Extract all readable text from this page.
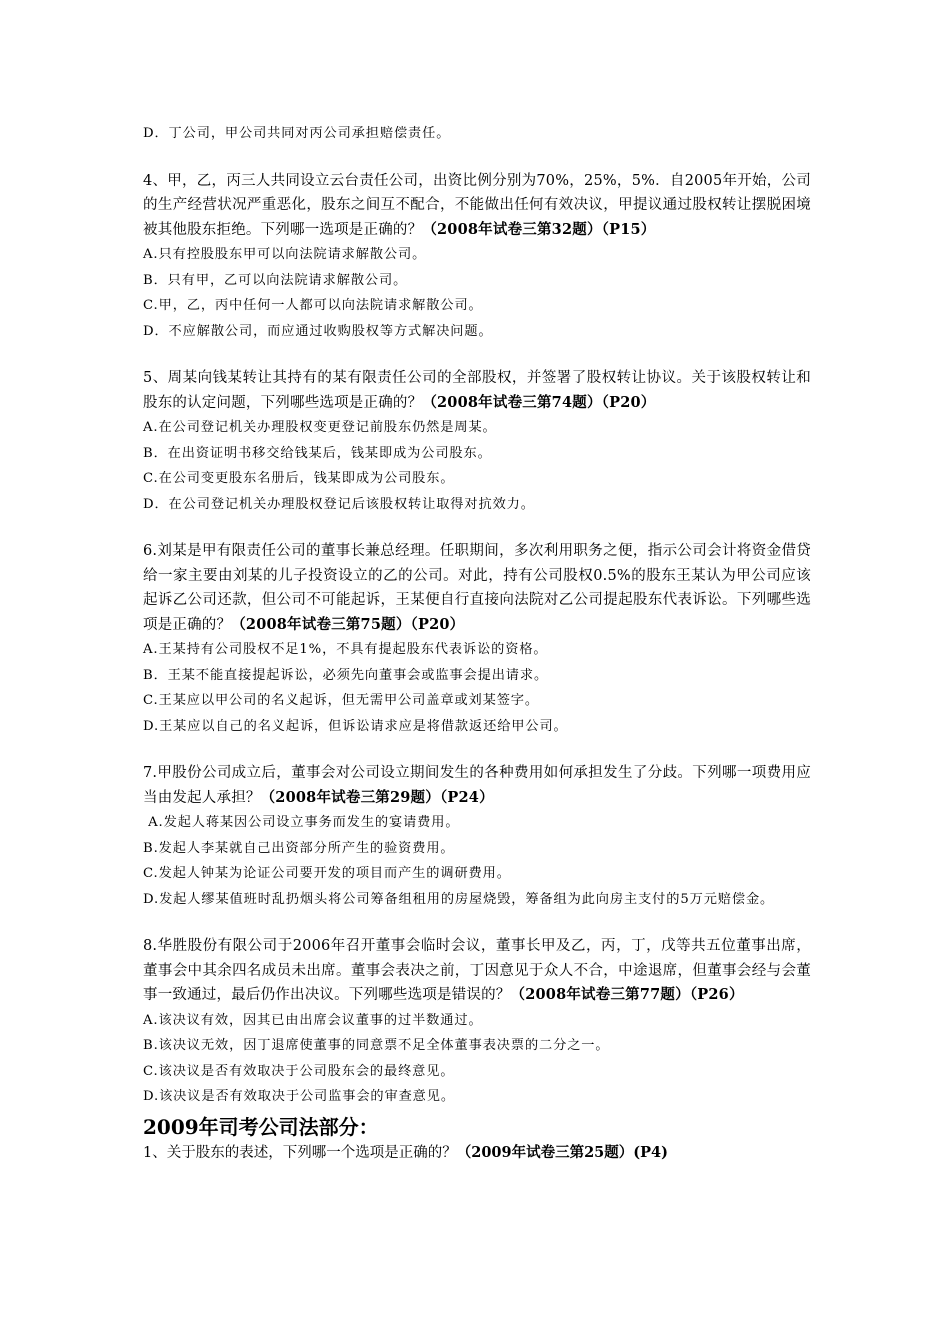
D．丁公司，甲公司共同对丙公司承担赔偿责任。
4、甲，乙，丙三人共同设立云台责任公司，出资比例分别为70%，25%，5%．自2005年开始，公司的生产经营状况严重恶化，股东之间互不配合，不能做出任何有效决议，甲提议通过股权转让摆脱困境被其他股东拒绝。下列哪一选项是正确的？（2008年试卷三第32题）（P15）
A.只有控股股东甲可以向法院请求解散公司。
B．只有甲，乙可以向法院请求解散公司。
C.甲，乙，丙中任何一人都可以向法院请求解散公司。
D．不应解散公司，而应通过收购股权等方式解决问题。
5、周某向钱某转让其持有的某有限责任公司的全部股权，并签署了股权转让协议。关于该股权转让和股东的认定问题，下列哪些选项是正确的？（2008年试卷三第74题）（P20）
A.在公司登记机关办理股权变更登记前股东仍然是周某。
B．在出资证明书移交给钱某后，钱某即成为公司股东。
C.在公司变更股东名册后，钱某即成为公司股东。
D．在公司登记机关办理股权登记后该股权转让取得对抗效力。
6.刘某是甲有限责任公司的董事长兼总经理。任职期间，多次利用职务之便，指示公司会计将资金借贷给一家主要由刘某的儿子投资设立的乙的公司。对此，持有公司股权0.5%的股东王某认为甲公司应该起诉乙公司还款，但公司不可能起诉，王某便自行直接向法院对乙公司提起股东代表诉讼。下列哪些选项是正确的？（2008年试卷三第75题）（P20）
A.王某持有公司股权不足1%，不具有提起股东代表诉讼的资格。
B．王某不能直接提起诉讼，必须先向董事会或监事会提出请求。
C.王某应以甲公司的名义起诉，但无需甲公司盖章或刘某签字。
D.王某应以自己的名义起诉，但诉讼请求应是将借款返还给甲公司。
7.甲股份公司成立后，董事会对公司设立期间发生的各种费用如何承担发生了分歧。下列哪一项费用应当由发起人承担？（2008年试卷三第29题）（P24）
A.发起人蒋某因公司设立事务而发生的宴请费用。
B.发起人李某就自己出资部分所产生的验资费用。
C.发起人钟某为论证公司要开发的项目而产生的调研费用。
D.发起人缪某值班时乱扔烟头将公司筹备组租用的房屋烧毁，筹备组为此向房主支付的5万元赔偿金。
8.华胜股份有限公司于2006年召开董事会临时会议，董事长甲及乙，丙，丁，戊等共五位董事出席，董事会中其余四名成员未出席。董事会表决之前，丁因意见于众人不合，中途退席，但董事会经与会董事一致通过，最后仍作出决议。下列哪些选项是错误的？（2008年试卷三第77题）（P26）
A.该决议有效，因其已由出席会议董事的过半数通过。
B.该决议无效，因丁退席使董事的同意票不足全体董事表决票的二分之一。
C.该决议是否有效取决于公司股东会的最终意见。
D.该决议是否有效取决于公司监事会的审查意见。
2009年司考公司法部分：
1、关于股东的表述，下列哪一个选项是正确的？（2009年试卷三第25题）(P4)
